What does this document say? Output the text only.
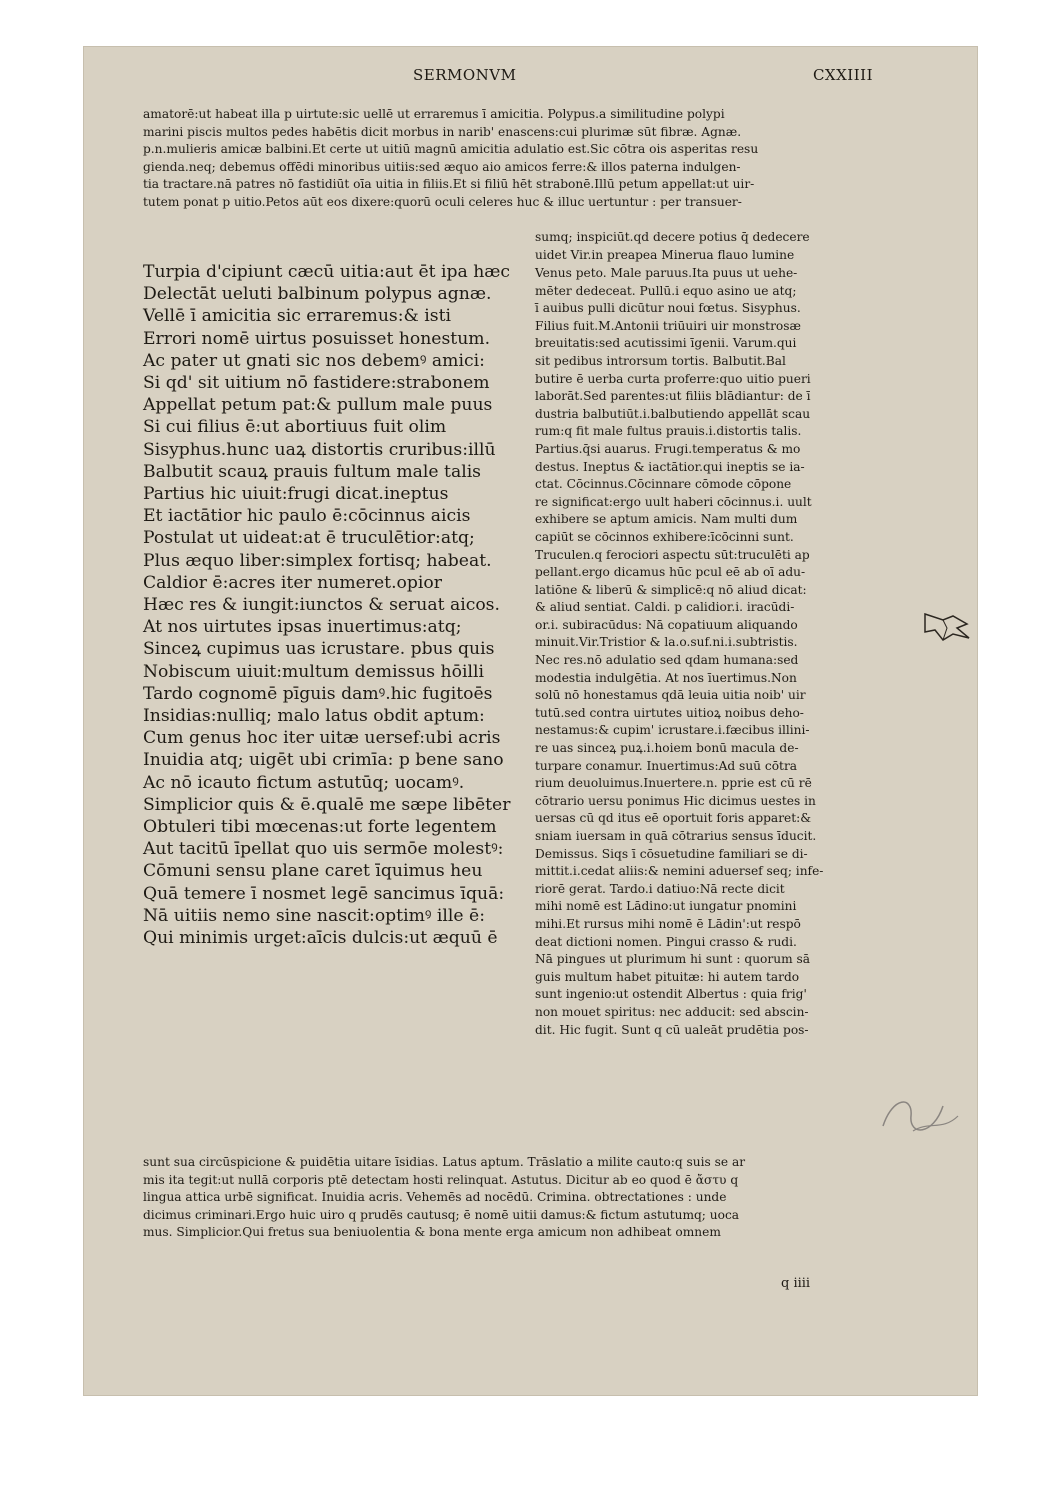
SERMONVM	CXXIIII
amatorē:ut habeat illa p uirtute:sic uellē ut erraremus ī amicitia. Polypus.a similitudine polypi
marini piscis multos pedes habētis dicit morbus in narib' enascens:cui plurimæ sūt fibræ. Agnæ.
p.n.mulieris amicæ balbini.Et certe ut uitiū magnū amicitia adulatio est.Sic cōtra ois asperitas resu
gienda.neq; debemus offēdi minoribus uitiis:sed æquo aio amicos ferre:& illos paterna indulgen-
tia tractare.nā patres nō fastidiūt oīa uitia in filiis.Et si filiū hēt strabonē.Illū petum appellat:ut uir-
tutem ponat p uitio.Petos aūt eos dixere:quorū oculi celeres huc & illuc uertuntur : per transuer-
sumq; inspiciūt.qd decere potius q̄ dedecere
uidet Vir.in preapea Minerua flauo lumine
Turpia d'cipiunt cæcū uitia:aut ēt ipa hæc
Delectāt ueluti balbinum polypus agnæ.
Vellē ī amicitia sic erraremus:& isti
Errori nomē uirtus posuisset honestum.
Ac pater ut gnati sic nos debemꝰ amici:
Si qd' sit uitium nō fastidere:strabonem
Appellat petum pat:& pullum male puus
Si cui filius ē:ut abortiuus fuit olim
Sisyphus.hunc uaꝝ distortis cruribus:illū
Balbutit scauꝝ prauis fultum male talis
Partius hic uiuit:frugi dicat.ineptus
Et iactātior hic paulo ē:cōcinnus aicis
Postulat ut uideat:at ē truculētior:atq;
Plus æquo liber:simplex fortisq; habeat.
Caldior ē:acres iter numeret.opior
Hæc res & iungit:iunctos & seruat aicos.
At nos uirtutes ipsas inuertimus:atq;
Sinceꝝ cupimus uas icrustare. pbus quis
Nobiscum uiuit:multum demissus hōilli
Tardo cognomē pīguis damꝰ.hic fugitoēs
Insidias:nulliq; malo latus obdit aptum:
Cum genus hoc iter uitæ uersef:ubi acris
Inuidia atq; uigēt ubi crimīa: p bene sano
Ac nō icauto fictum astutūq; uocamꝰ.
Simplicior quis & ē.qualē me sæpe libēter
Obtuleri tibi mœcenas:ut forte legentem
Aut tacitū īpellat quo uis sermōe molestꝰ:
Cōmuni sensu plane caret īquimus heu
Quā temere ī nosmet legē sancimus īquā:
Nā uitiis nemo sine nascit:optimꝰ ille ē:
Qui minimis urget:aīcis dulcis:ut æquū ē
Venus peto. Male paruus.Ita puus ut uehe-
mēter dedeceat. Pullū.i equo asino ue atq;
ī auibus pulli dicūtur noui fœtus. Sisyphus.
Filius fuit.M.Antonii triūuiri uir monstrosæ
breuitatis:sed acutissimi īgenii. Varum.qui
sit pedibus introrsum tortis. Balbutit.Bal
butire ē uerba curta proferre:quo uitio pueri
laborāt.Sed parentes:ut filiis blādiantur: de ī
dustria balbutiūt.i.balbutiendo appellāt scau
rum:q fit male fultus prauis.i.distortis talis.
Partius.q̄si auarus. Frugi.temperatus & mo
destus. Ineptus & iactātior.qui ineptis se ia-
ctat. Cōcinnus.Cōcinnare cōmode cōpone
re significat:ergo uult haberi cōcinnus.i. uult
exhibere se aptum amicis. Nam multi dum
capiūt se cōcinnos exhibere:īcōcinni sunt.
Truculen.q ferociori aspectu sūt:truculēti ap
pellant.ergo dicamus hūc pcul eē ab oī adu-
latiōne & liberū & simplicē:q nō aliud dicat:
& aliud sentiat. Caldi. p calidior.i. iracūdi-
or.i. subiracūdus: Nā copatiuum aliquando
minuit.Vir.Tristior & la.o.suf.ni.i.subtristis.
Nec res.nō adulatio sed qdam humana:sed
modestia indulgētia. At nos īuertimus.Non
solū nō honestamus qdā leuia uitia noib' uir
tutū.sed contra uirtutes uitioꝝ noibus deho-
nestamus:& cupim' icrustare.i.fæcibus illini-
re uas sinceꝝ puꝝ.i.hoiem bonū macula de-
turpare conamur. Inuertimus:Ad suū cōtra
rium deuoluimus.Inuertere.n. pprie est cū rē
cōtrario uersu ponimus Hic dicimus uestes in
uersas cū qd itus eē oportuit foris apparet:&
sniam iuersam in quā cōtrarius sensus īducit.
Demissus. Siqs ī cōsuetudine familiari se di-
mittit.i.cedat aliis:& nemini aduersef seq; infe-
riorē gerat. Tardo.i datiuo:Nā recte dicit
mihi nomē est Lādino:ut iungatur pnomini
mihi.Et rursus mihi nomē ē Lādin':ut respō
deat dictioni nomen. Pingui crasso & rudi.
Nā pingues ut plurimum hi sunt : quorum sā
guis multum habet pituitæ: hi autem tardo
sunt ingenio:ut ostendit Albertus : quia frig'
non mouet spiritus: nec adducit: sed abscin-
dit. Hic fugit. Sunt q cū ualeāt prudētia pos-
sunt sua circūspicione & puidētia uitare īsidias. Latus aptum. Trāslatio a milite cauto:q suis se ar
mis ita tegit:ut nullā corporis ptē detectam hosti relinquat. Astutus. Dicitur ab eo quod ē ἄστυ q
lingua attica urbē significat. Inuidia acris. Vehemēs ad nocēdū. Crimina. obtrectationes : unde
dicimus criminari.Ergo huic uiro q prudēs cautusq; ē nomē uitii damus:& fictum astutumq; uoca
mus. Simplicior.Qui fretus sua beniuolentia & bona mente erga amicum non adhibeat omnem
q iiii
